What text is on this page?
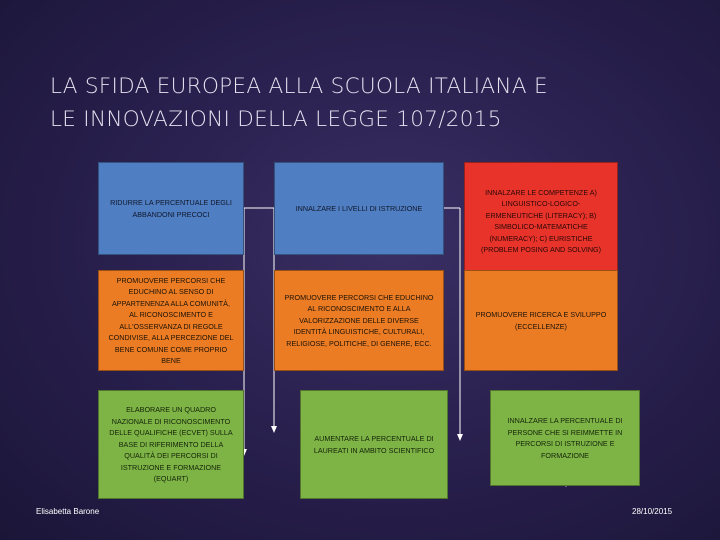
LA SFIDA EUROPEA ALLA SCUOLA ITALIANA E
LE INNOVAZIONI DELLA LEGGE 107/2015
RIDURRE LA PERCENTUALE DEGLI ABBANDONI PRECOCI
INNALZARE I LIVELLI DI ISTRUZIONE
INNALZARE LE COMPETENZE A) LINGUISTICO-LOGICO-ERMENEUTICHE (LITERACY); B) SIMBOLICO-MATEMATICHE (NUMERACY); C) EURISTICHE (PROBLEM POSING AND SOLVING)
PROMUOVERE PERCORSI CHE EDUCHINO AL SENSO DI APPARTENENZA ALLA COMUNITÀ, AL RICONOSCIMENTO E ALL'OSSERVANZA DI REGOLE CONDIVISE, ALLA PERCEZIONE DEL BENE COMUNE COME PROPRIO BENE
PROMUOVERE PERCORSI CHE EDUCHINO AL RICONOSCIMENTO E ALLA VALORIZZAZIONE DELLE DIVERSE IDENTITÀ LINGUISTICHE, CULTURALI, RELIGIOSE, POLITICHE, DI GENERE, ECC.
PROMUOVERE RICERCA E SVILUPPO (ECCELLENZE)
ELABORARE UN QUADRO NAZIONALE DI RICONOSCIMENTO DELLE QUALIFICHE (ECVET) SULLA BASE DI RIFERIMENTO DELLA QUALITÀ DEI PERCORSI DI ISTRUZIONE E FORMAZIONE (EQUART)
AUMENTARE LA PERCENTUALE DI LAUREATI IN AMBITO SCIENTIFICO
INNALZARE LA PERCENTUALE DI PERSONE CHE SI REIMMETTE IN PERCORSI DI ISTRUZIONE E FORMAZIONE
Elisabetta Barone	28/10/2015
